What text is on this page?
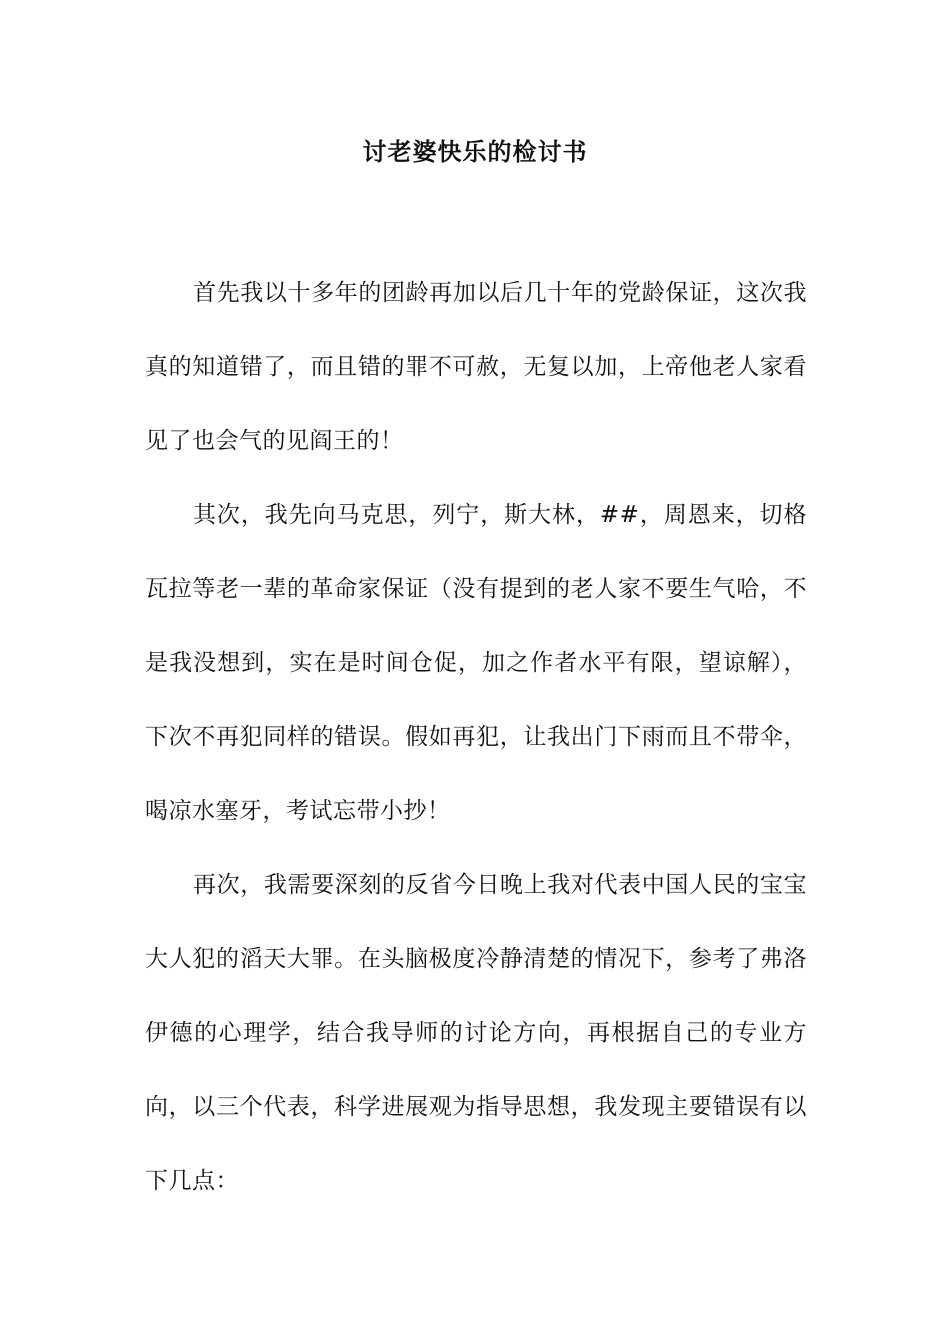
讨老婆快乐的检讨书

首先我以十多年的团龄再加以后几十年的党龄保证，这次我真的知道错了，而且错的罪不可赦，无复以加，上帝他老人家看见了也会气的见阎王的！

其次，我先向马克思，列宁，斯大林，##，周恩来，切格瓦拉等老一辈的革命家保证（没有提到的老人家不要生气哈，不是我没想到，实在是时间仓促，加之作者水平有限，望谅解），下次不再犯同样的错误。假如再犯，让我出门下雨而且不带伞，喝凉水塞牙，考试忘带小抄！

再次，我需要深刻的反省今日晚上我对代表中国人民的宝宝大人犯的滔天大罪。在头脑极度冷静清楚的情况下，参考了弗洛伊德的心理学，结合我导师的讨论方向，再根据自己的专业方向，以三个代表，科学进展观为指导思想，我发现主要错误有以下几点：
